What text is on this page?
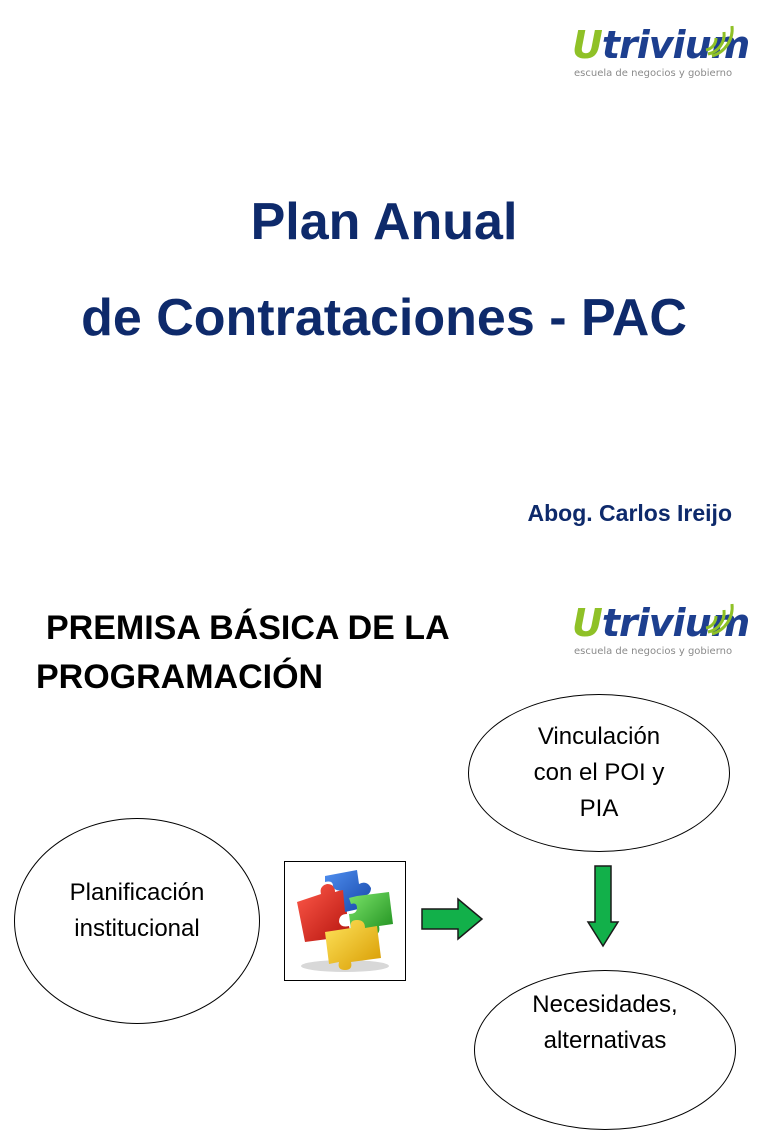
Utrivium
escuela de negocios y gobierno
Plan Anual
de Contrataciones - PAC
Abog. Carlos Ireijo
Utrivium
escuela de negocios y gobierno
PREMISA BÁSICA DE LA
PROGRAMACIÓN
Vinculación
con el POI y
PIA
Planificación
institucional
Necesidades,
alternativas
